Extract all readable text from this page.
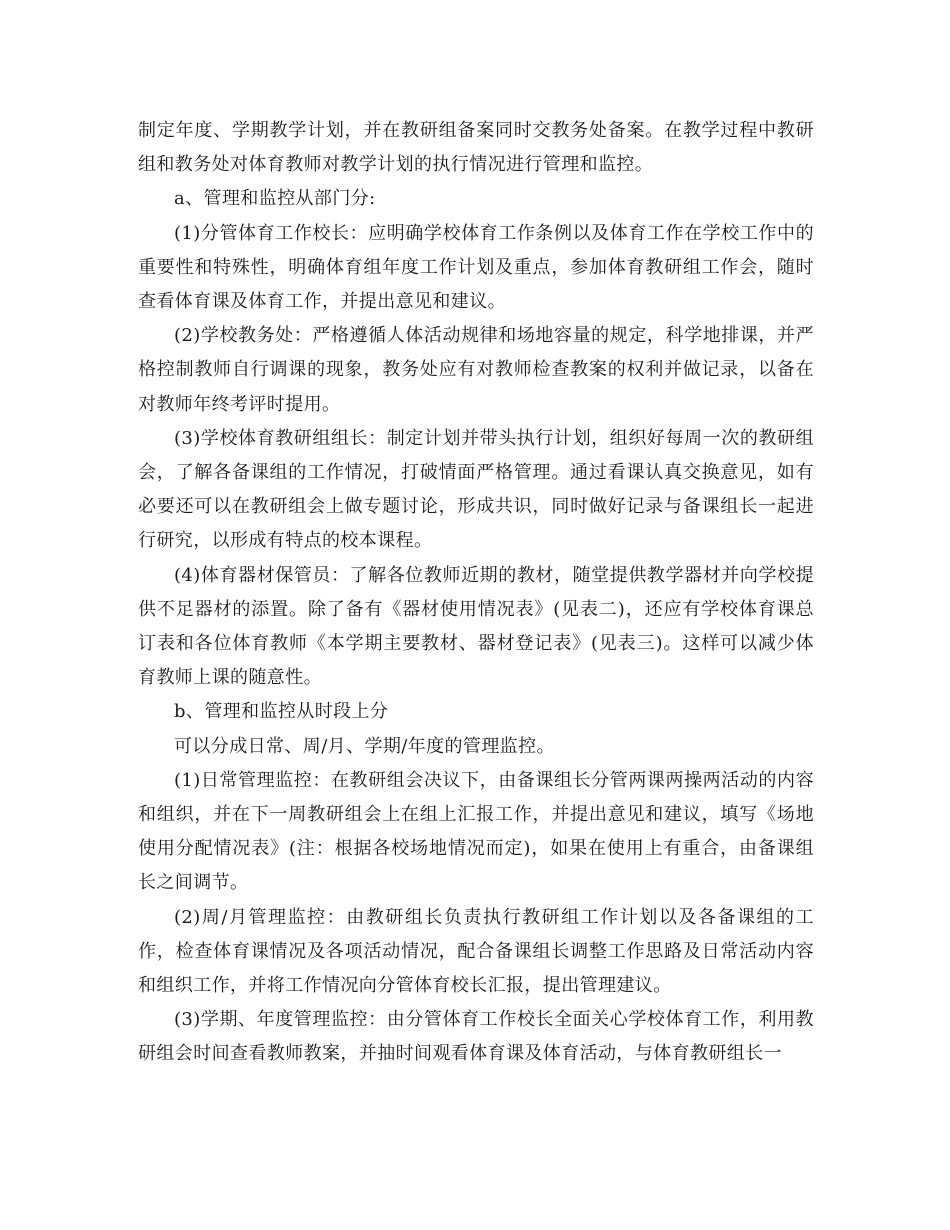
制定年度、学期教学计划，并在教研组备案同时交教务处备案。在教学过程中教研组和教务处对体育教师对教学计划的执行情况进行管理和监控。

a、管理和监控从部门分:

(1)分管体育工作校长：应明确学校体育工作条例以及体育工作在学校工作中的重要性和特殊性，明确体育组年度工作计划及重点，参加体育教研组工作会，随时查看体育课及体育工作，并提出意见和建议。

(2)学校教务处：严格遵循人体活动规律和场地容量的规定，科学地排课，并严格控制教师自行调课的现象，教务处应有对教师检查教案的权利并做记录，以备在对教师年终考评时提用。

(3)学校体育教研组组长：制定计划并带头执行计划，组织好每周一次的教研组会，了解各备课组的工作情况，打破情面严格管理。通过看课认真交换意见，如有必要还可以在教研组会上做专题讨论，形成共识，同时做好记录与备课组长一起进行研究，以形成有特点的校本课程。

(4)体育器材保管员：了解各位教师近期的教材，随堂提供教学器材并向学校提供不足器材的添置。除了备有《器材使用情况表》(见表二)，还应有学校体育课总订表和各位体育教师《本学期主要教材、器材登记表》(见表三)。这样可以减少体育教师上课的随意性。

b、管理和监控从时段上分

可以分成日常、周/月、学期/年度的管理监控。

(1)日常管理监控：在教研组会决议下，由备课组长分管两课两操两活动的内容和组织，并在下一周教研组会上在组上汇报工作，并提出意见和建议，填写《场地使用分配情况表》(注：根据各校场地情况而定)，如果在使用上有重合，由备课组长之间调节。

(2)周/月管理监控：由教研组长负责执行教研组工作计划以及各备课组的工作，检查体育课情况及各项活动情况，配合备课组长调整工作思路及日常活动内容和组织工作，并将工作情况向分管体育校长汇报，提出管理建议。

(3)学期、年度管理监控：由分管体育工作校长全面关心学校体育工作，利用教研组会时间查看教师教案，并抽时间观看体育课及体育活动，与体育教研组长一
